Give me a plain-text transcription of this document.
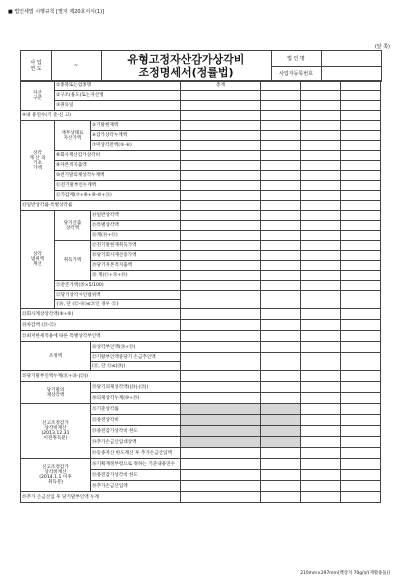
■ 법인세법 시행규칙 [별지 제20호서식(1)]
(앞 쪽)
사 업
연 도	~	유형고정자산감가상각비
조정명세서(정률법)
법 인 명
사업자등록번호
자산
구분	①종목또는업종명		총계			
	②구조(용도)또는자산명					
	③취득일					
④내 용연수(기 준·신 고)						
상각
계 산 의
기초
가액	재무상태표
자산가액	⑤기말현재액				
		⑥감가상각누계액				
		⑦미상각잔액(⑤-⑥)				
	⑧회사계산감가상각비					
	⑨자본적지출액					
	⑩전기말의제상각누계액					
	⑪전기말부인누계액					
	⑫가감계(⑦+⑧+⑨-⑩+⑪)					
⑬일반상각률·특별상각률						
상각
범위액
계산	당기산출
상각액	⑭일반상각액				
		⑮특별상각액				
		⑯계(⑭+⑮)				
	취득가액	⑰전기말현재취득가액				
		⑱당기회사계산증가액				
		⑲당기자본적지출액				
		⑳ 계(⑰+⑱+⑲)				
	㉑잔존가액(⑳×5/100)					
	㉒당기상각시인범위액					
	{⑯, 단 (⑫-⑯)≤㉑인 경우 ⑫}					
㉓회사계상상각액(⑧+⑨)						
㉔차감액 (㉓-㉒)						
㉕최저한세적용에 따른 특별상각부인액						
조정액		㉖상각부인액(㉔+㉕)				
		㉗기왕부인액중당기 손금추인액				
		(⑪, 단 ⑪≤|㉔|)				
㉘당기말부인액누계(⑪+㉖-|㉗|)						
당기말의
제상각액		㉙당기의제상각액(|㉔|-|㉗|)				
		㉚의제상각누계(⑩+㉙)				
신고조정감가
상각비계산
(2013.12.31
이전취득분)		㉛기준상각률				
		㉜종전상각비				
		㉝종전감가상각비 한도				
		㉞추가손금산입대상액				
		㉟동종자산 한도계산 후 추가손금산입액				
신고조정감가
상각비계산
(2014.1.1 이후
취득분)		㊱기획재정부령으로 정하는 기준내용연수				
		㊲종전감가상각비 한도				
		㊳추가손금산입액				
㊴추가 손금산입 후 당기말부인액 누계						
210mm×297mm[백상지 70g/㎡(재활용품)]
